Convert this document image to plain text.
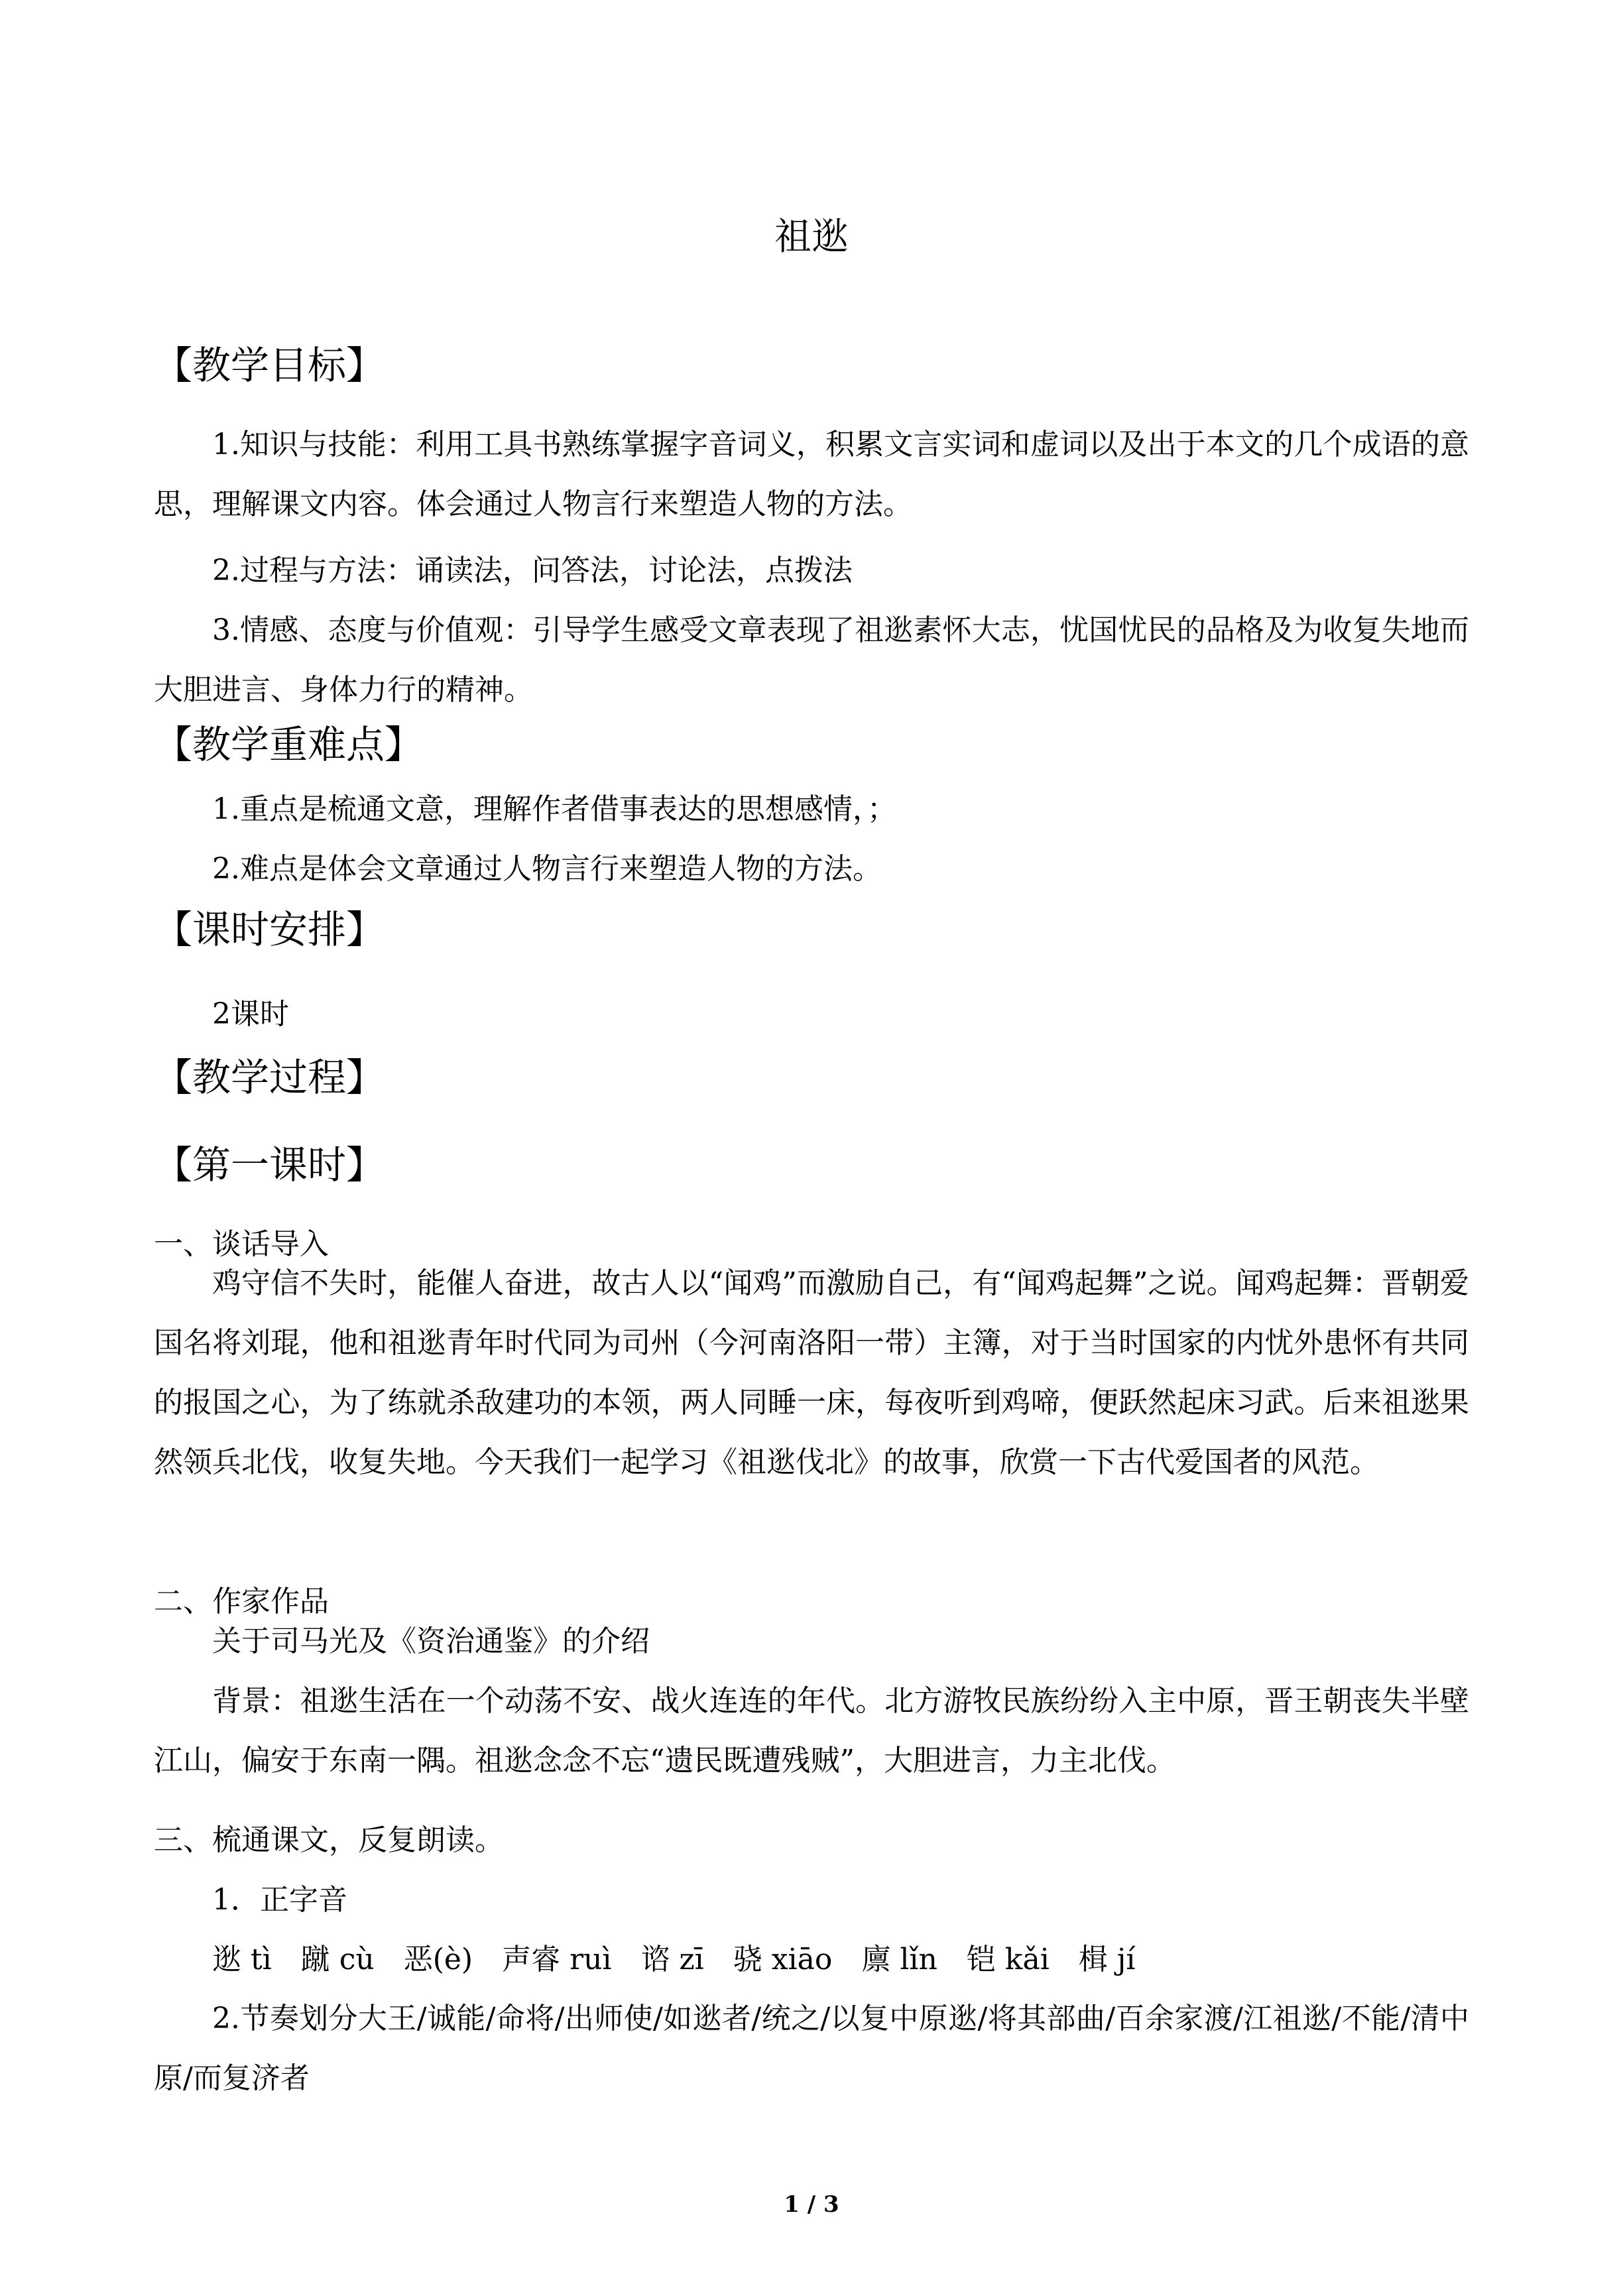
祖逖
【教学目标】
1.知识与技能：利用工具书熟练掌握字音词义，积累文言实词和虚词以及出于本文的几个成语的意思，理解课文内容。体会通过人物言行来塑造人物的方法。
2.过程与方法：诵读法，问答法，讨论法，点拨法
3.情感、态度与价值观：引导学生感受文章表现了祖逖素怀大志，忧国忧民的品格及为收复失地而大胆进言、身体力行的精神。
【教学重难点】
1.重点是梳通文意，理解作者借事表达的思想感情，；
2.难点是体会文章通过人物言行来塑造人物的方法。
【课时安排】
2课时
【教学过程】
【第一课时】
一、谈话导入
鸡守信不失时，能催人奋进，故古人以“闻鸡”而激励自己，有“闻鸡起舞”之说。闻鸡起舞：晋朝爱国名将刘琨，他和祖逖青年时代同为司州（今河南洛阳一带）主簿，对于当时国家的内忧外患怀有共同的报国之心，为了练就杀敌建功的本领，两人同睡一床，每夜听到鸡啼，便跃然起床习武。后来祖逖果然领兵北伐，收复失地。今天我们一起学习《祖逖伐北》的故事，欣赏一下古代爱国者的风范。
二、作家作品
关于司马光及《资治通鉴》的介绍
背景：祖逖生活在一个动荡不安、战火连连的年代。北方游牧民族纷纷入主中原，晋王朝丧失半壁江山，偏安于东南一隅。祖逖念念不忘“遗民既遭残贼”，大胆进言，力主北伐。
三、梳通课文，反复朗读。
1．正字音
逖 tì　蹴 cù　恶(è)　声睿 ruì　谘 zī　骁 xiāo　廪 lǐn　铠 kǎi　楫 jí
2.节奏划分大王/诚能/命将/出师使/如逖者/统之/以复中原逖/将其部曲/百余家渡/江祖逖/不能/清中原/而复济者
1 / 3
